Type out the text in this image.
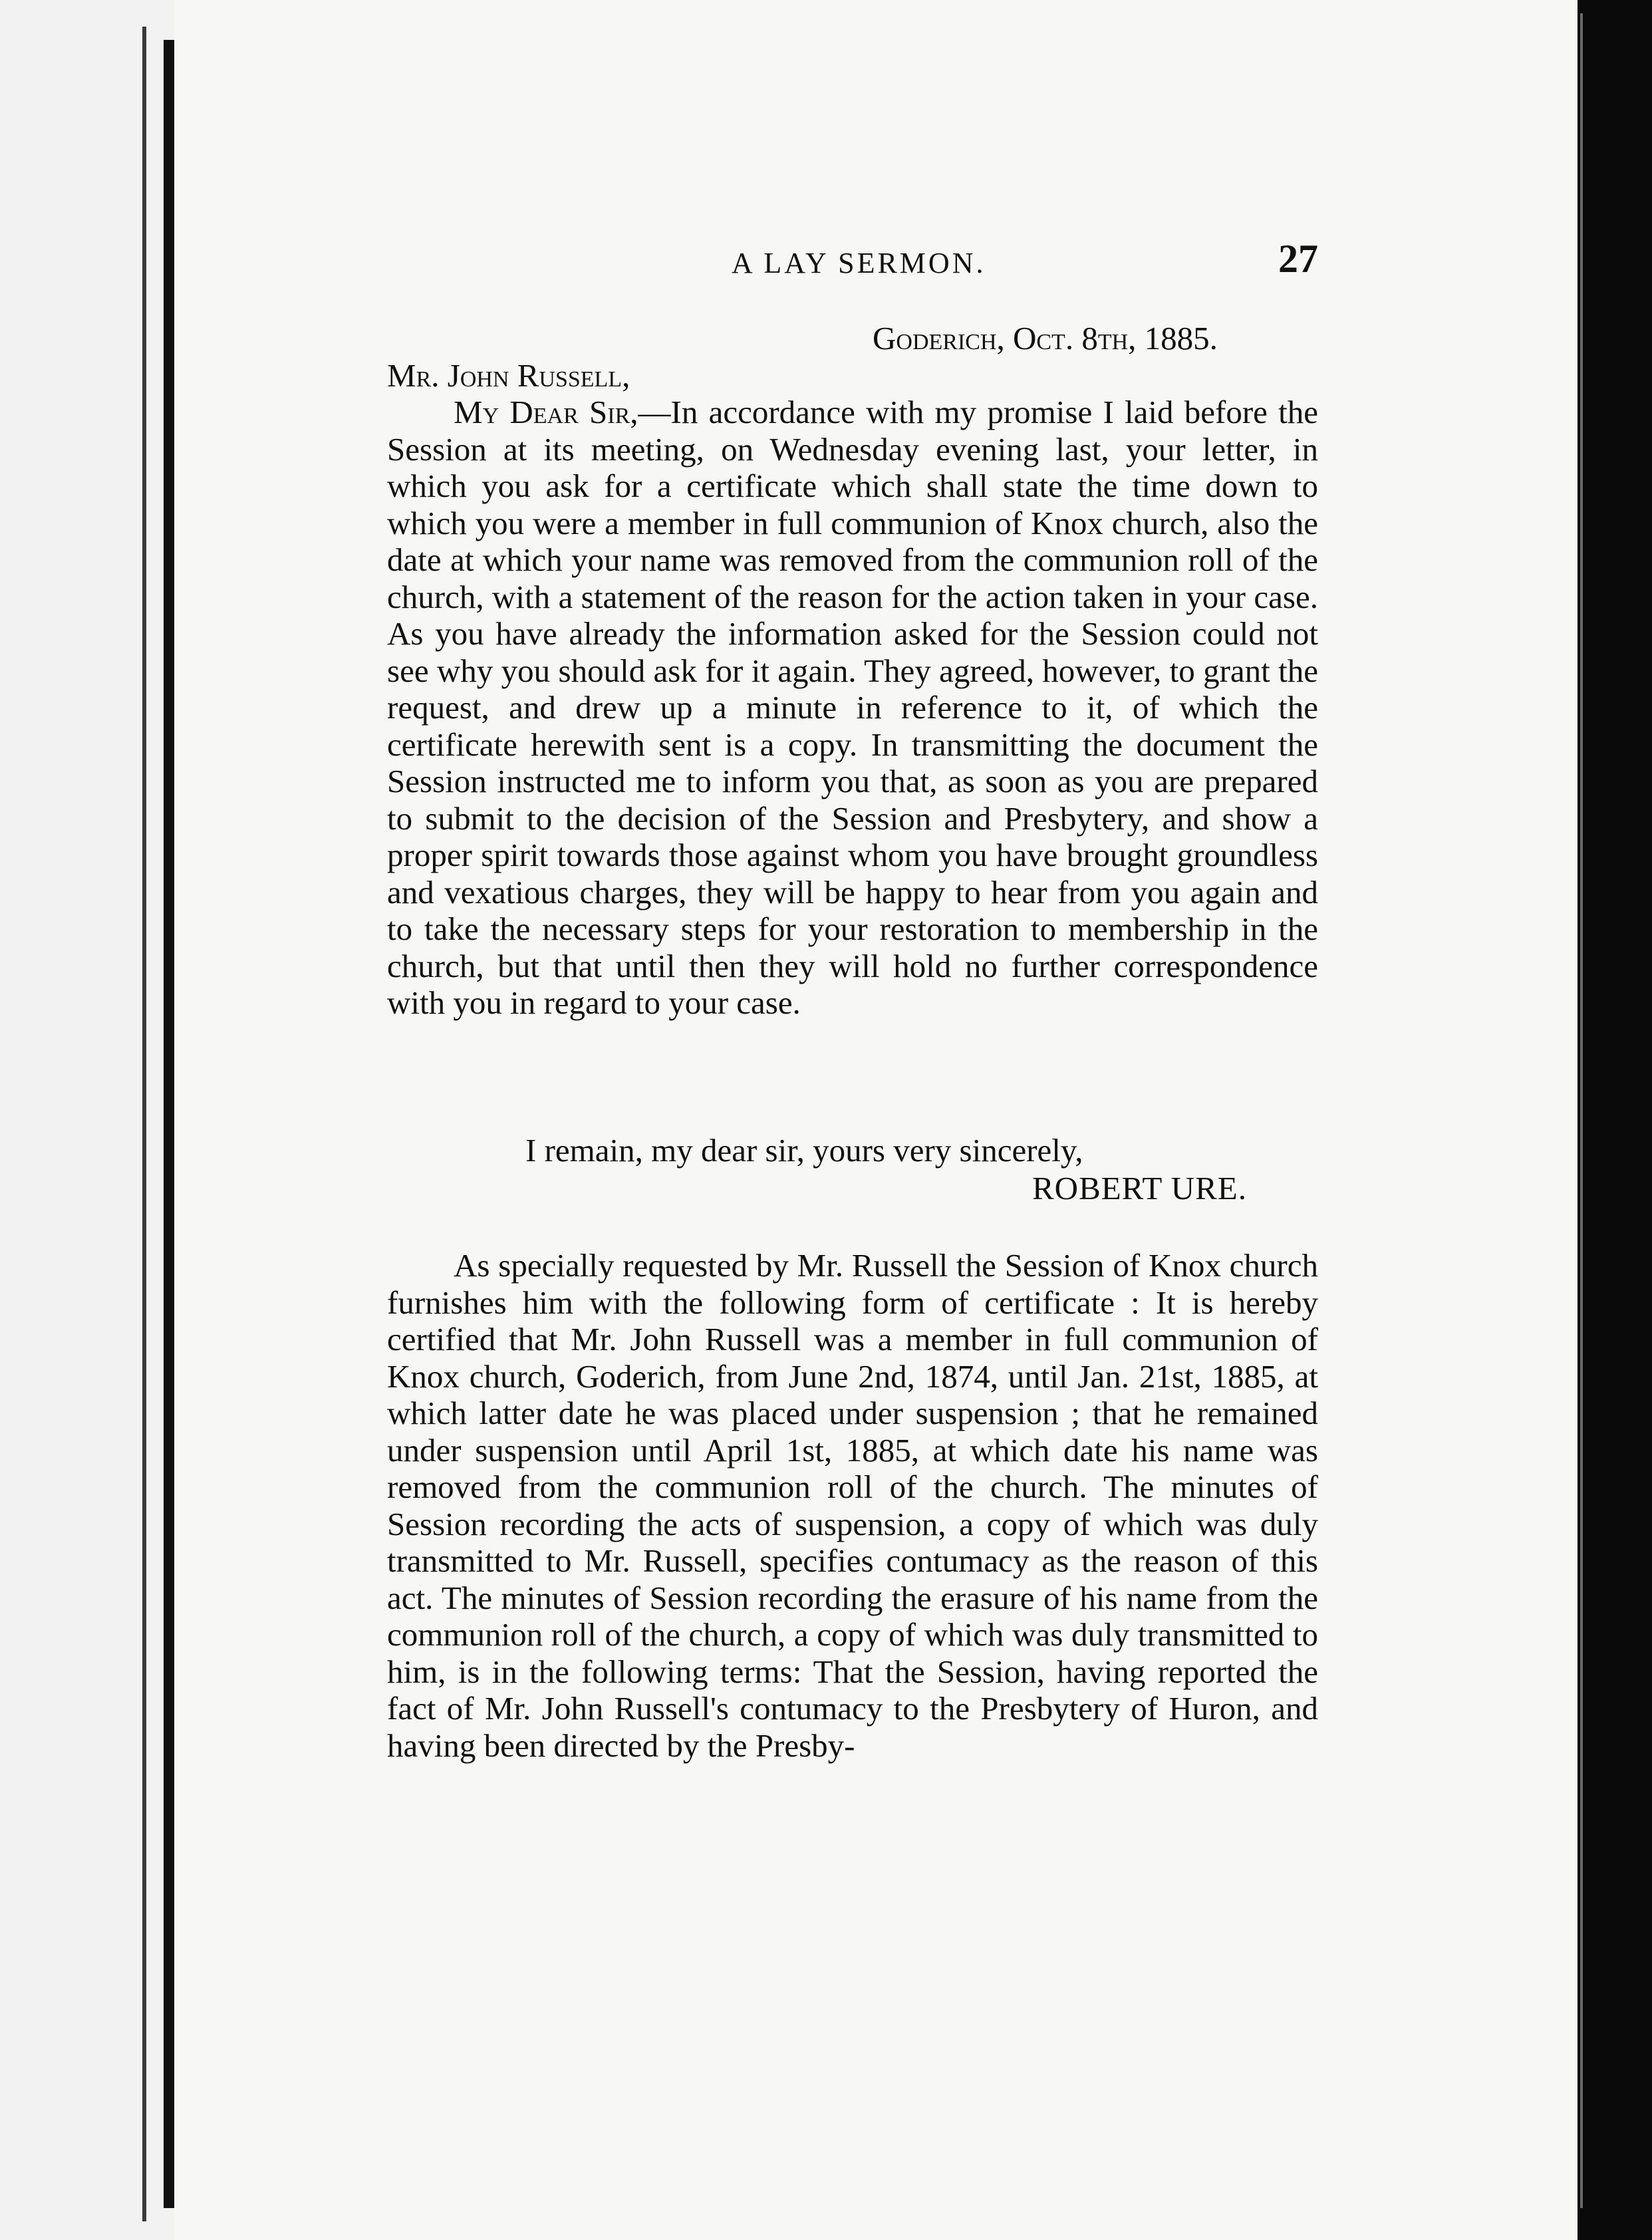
A LAY SERMON.	27
Goderich, Oct. 8th, 1885.
Mr. John Russell,
My Dear Sir,—In accordance with my promise I laid before the Session at its meeting, on Wednesday evening last, your letter, in which you ask for a certificate which shall state the time down to which you were a member in full communion of Knox church, also the date at which your name was removed from the communion roll of the church, with a statement of the reason for the action taken in your case. As you have already the information asked for the Session could not see why you should ask for it again. They agreed, however, to grant the request, and drew up a minute in reference to it, of which the certificate herewith sent is a copy. In transmitting the document the Session instructed me to inform you that, as soon as you are prepared to submit to the decision of the Session and Presbytery, and show a proper spirit towards those against whom you have brought groundless and vexatious charges, they will be happy to hear from you again and to take the necessary steps for your restoration to membership in the church, but that until then they will hold no further correspondence with you in regard to your case.
I remain, my dear sir, yours very sincerely,
ROBERT URE.
As specially requested by Mr. Russell the Session of Knox church furnishes him with the following form of certificate : It is hereby certified that Mr. John Russell was a member in full communion of Knox church, Goderich, from June 2nd, 1874, until Jan. 21st, 1885, at which latter date he was placed under suspension ; that he remained under suspension until April 1st, 1885, at which date his name was removed from the communion roll of the church. The minutes of Session recording the acts of suspension, a copy of which was duly transmitted to Mr. Russell, specifies contumacy as the reason of this act. The minutes of Session recording the erasure of his name from the communion roll of the church, a copy of which was duly transmitted to him, is in the following terms: That the Session, having reported the fact of Mr. John Russell's contumacy to the Presbytery of Huron, and having been directed by the Presby-
